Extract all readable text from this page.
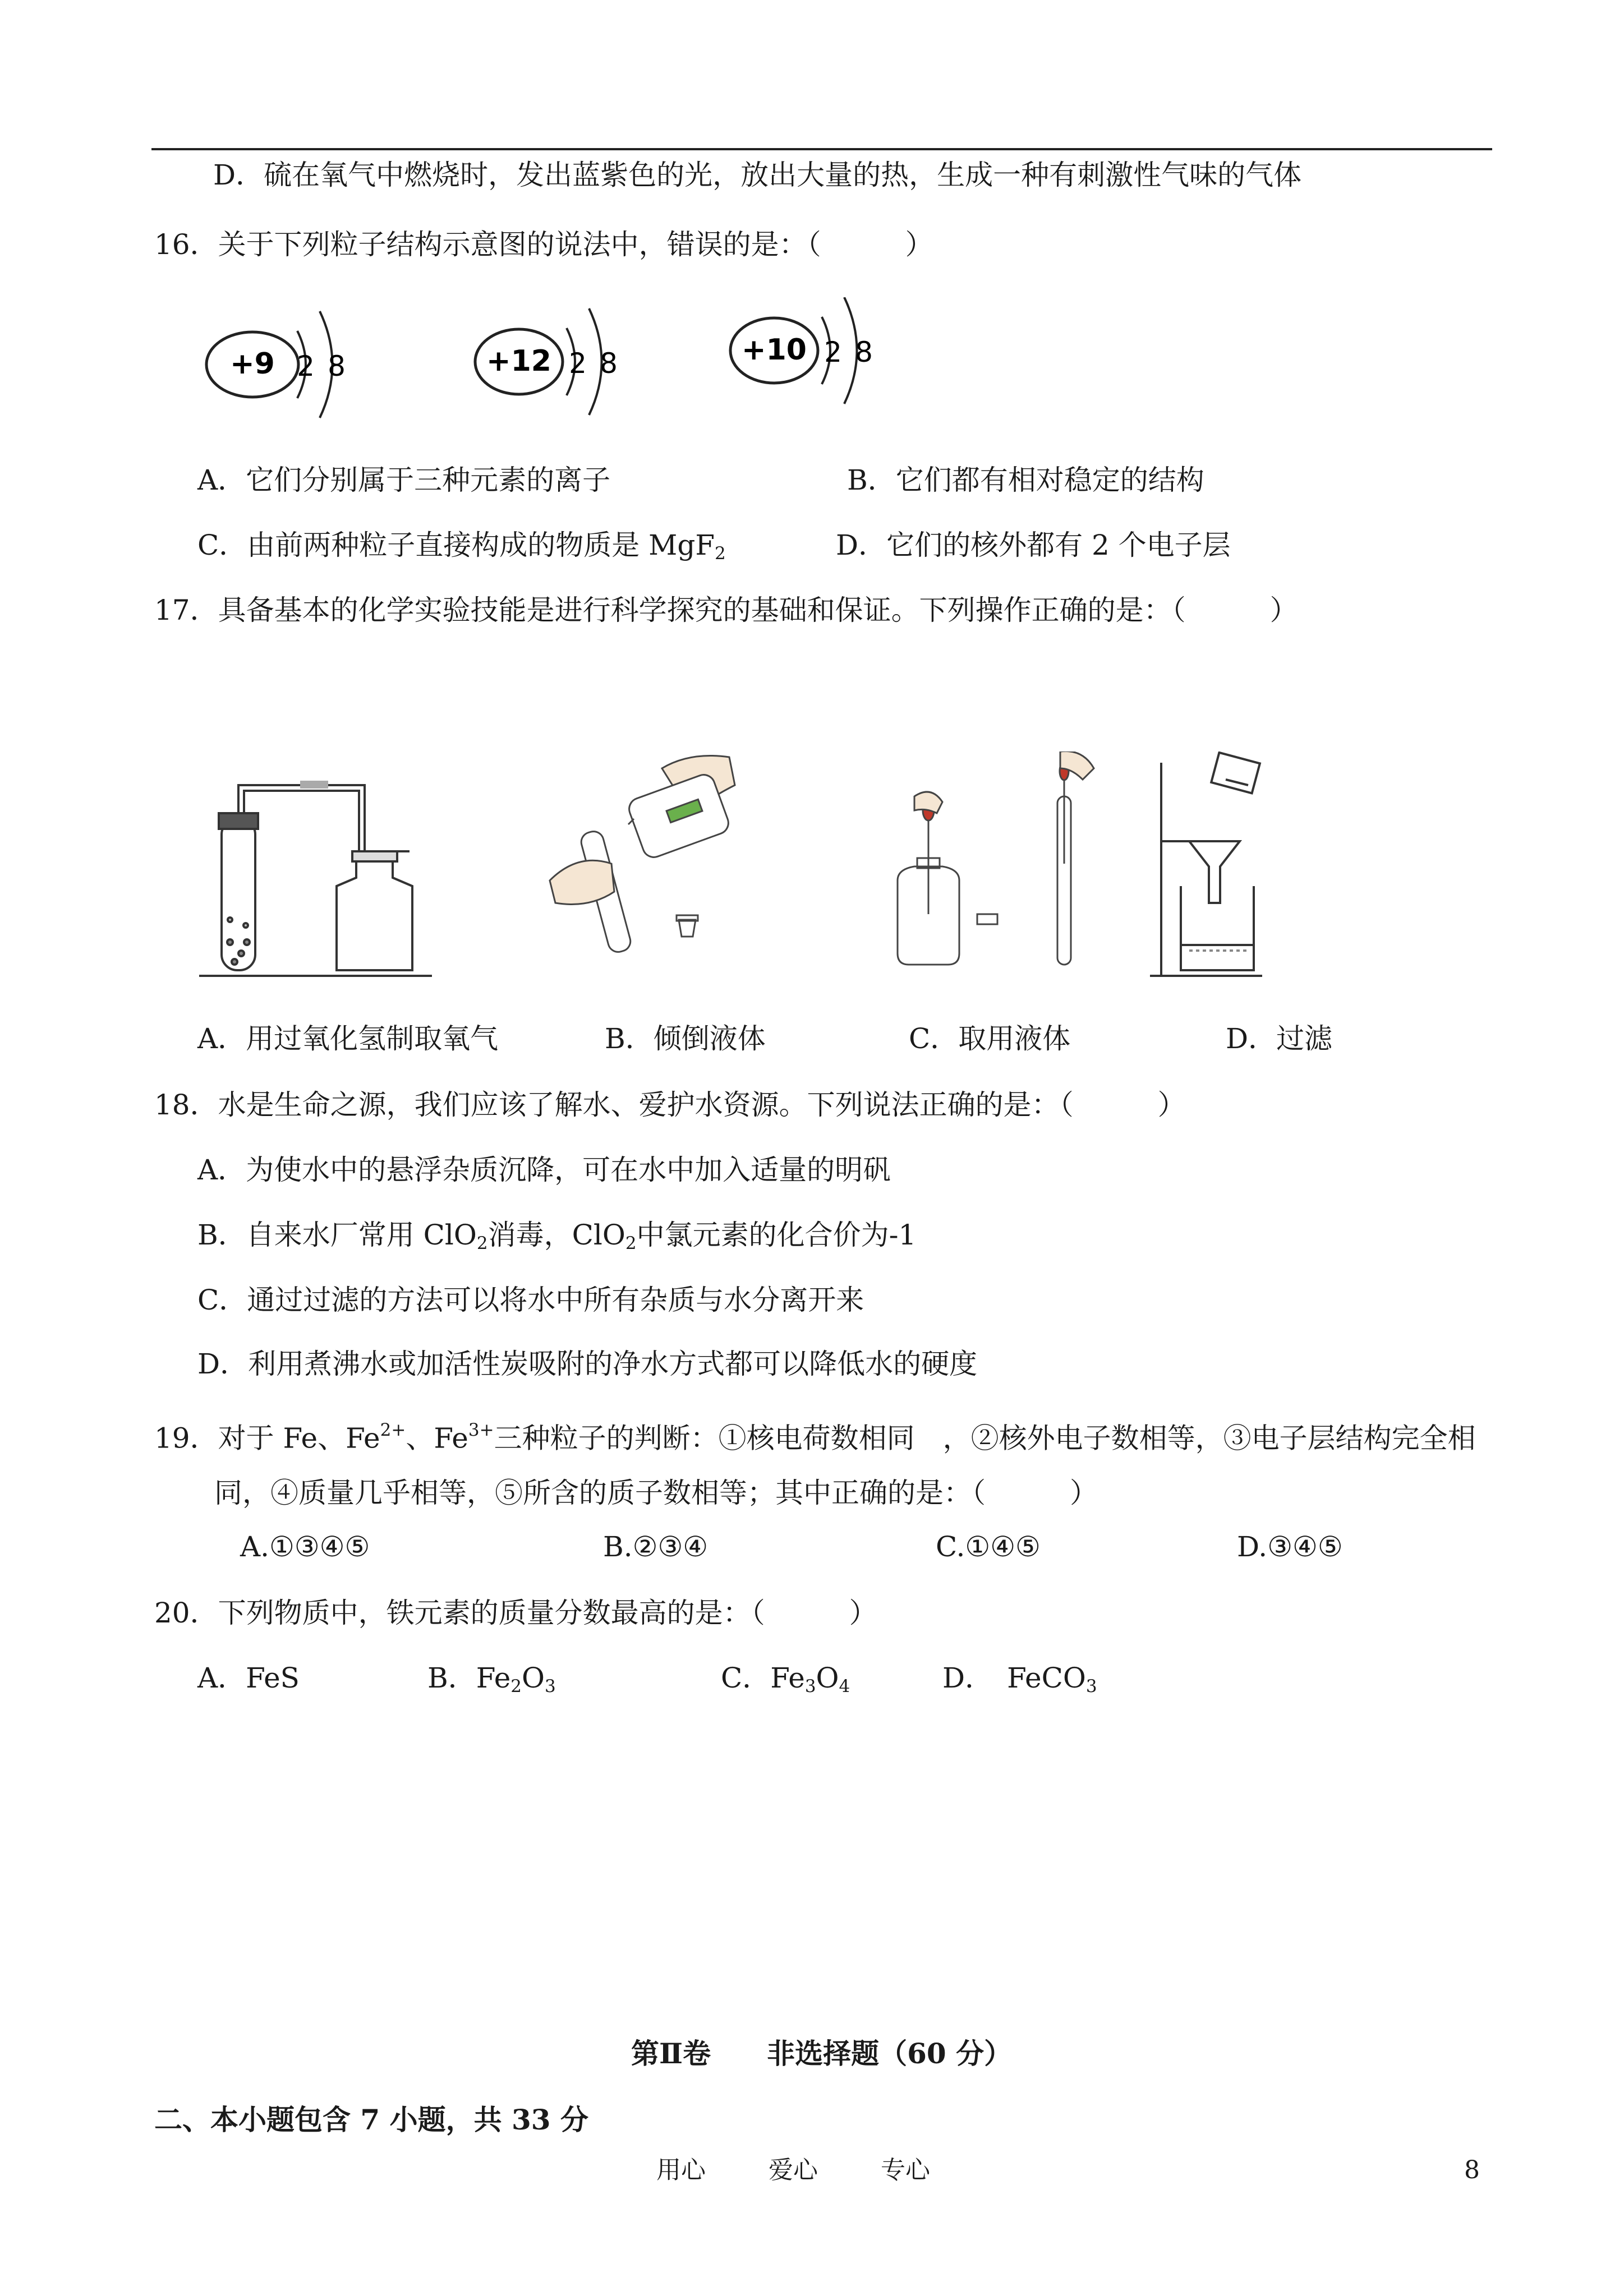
D．硫在氧气中燃烧时，发出蓝紫色的光，放出大量的热，生成一种有刺激性气味的气体
16．关于下列粒子结构示意图的说法中，错误的是：（　　　）
+9 2 8	+12 2 8	+10 2 8
A．它们分别属于三种元素的离子	B．它们都有相对稳定的结构
C．由前两种粒子直接构成的物质是 MgF$_2$	D．它们的核外都有 2 个电子层
17．具备基本的化学实验技能是进行科学探究的基础和保证。下列操作正确的是：（　　　）
A．用过氧化氢制取氧气	B．倾倒液体	C．取用液体	D．过滤
18．水是生命之源，我们应该了解水、爱护水资源。下列说法正确的是：（　　　）
A．为使水中的悬浮杂质沉降，可在水中加入适量的明矾
B．自来水厂常用 ClO$_2$消毒，ClO$_2$中氯元素的化合价为-1
C．通过过滤的方法可以将水中所有杂质与水分离开来
D．利用煮沸水或加活性炭吸附的净水方式都可以降低水的硬度
19．对于 Fe、$Fe^{2+}$、$Fe^{3+}$三种粒子的判断：①核电荷数相同　，②核外电子数相等，③电子层结构完全相
同，④质量几乎相等，⑤所含的质子数相等；其中正确的是：（　　　）
A.①③④⑤	B.②③④	C.①④⑤	D.③④⑤
20．下列物质中，铁元素的质量分数最高的是：（　　　）
A．FeS	B．$Fe_2O_3$	C．$Fe_3O_4$	D．　FeCO$_3$
第Ⅱ卷　　非选择题（60 分）
二、本小题包含 7 小题，共 33 分
用心	爱心	专心	8
